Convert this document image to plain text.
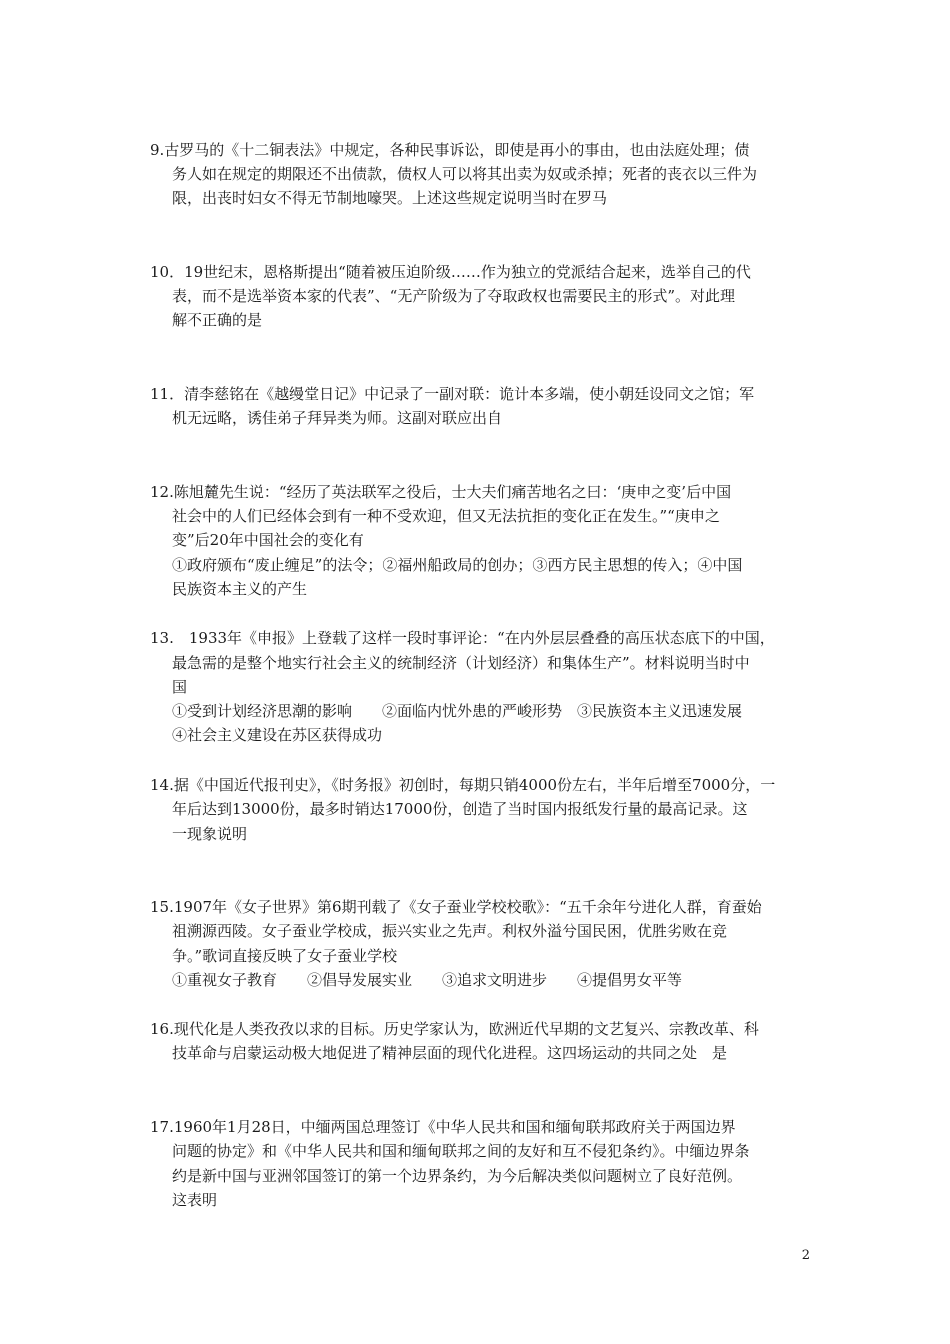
9.古罗马的《十二铜表法》中规定，各种民事诉讼，即使是再小的事由，也由法庭处理；债
务人如在规定的期限还不出债款，债权人可以将其出卖为奴或杀掉；死者的丧衣以三件为
限，出丧时妇女不得无节制地嚎哭。上述这些规定说明当时在罗马
10．19世纪末，恩格斯提出“随着被压迫阶级……作为独立的党派结合起来，选举自己的代
表，而不是选举资本家的代表”、“无产阶级为了夺取政权也需要民主的形式”。对此理
解不正确的是
11．清李慈铭在《越缦堂日记》中记录了一副对联：诡计本多端，使小朝廷设同文之馆；军
机无远略，诱佳弟子拜异类为师。这副对联应出自
12.陈旭麓先生说：“经历了英法联军之役后，士大夫们痛苦地名之曰：‘庚申之变’后中国
社会中的人们已经体会到有一种不受欢迎，但又无法抗拒的变化正在发生。”“庚申之
变”后20年中国社会的变化有
①政府颁布“废止缠足”的法令；②福州船政局的创办；③西方民主思想的传入；④中国
民族资本主义的产生
13.　1933年《申报》上登载了这样一段时事评论：“在内外层层叠叠的高压状态底下的中国，
最急需的是整个地实行社会主义的统制经济（计划经济）和集体生产”。材料说明当时中
国
①受到计划经济思潮的影响　　②面临内忧外患的严峻形势　③民族资本主义迅速发展
④社会主义建设在苏区获得成功
14.据《中国近代报刊史》，《时务报》初创时，每期只销4000份左右，半年后增至7000分，一
年后达到13000份，最多时销达17000份，创造了当时国内报纸发行量的最高记录。这
一现象说明
15.1907年《女子世界》第6期刊载了《女子蚕业学校校歌》：“五千余年兮进化人群，育蚕始
祖溯源西陵。女子蚕业学校成，振兴实业之先声。利权外溢兮国民困，优胜劣败在竞
争。”歌词直接反映了女子蚕业学校
①重视女子教育　　②倡导发展实业　　③追求文明进步　　④提倡男女平等
16.现代化是人类孜孜以求的目标。历史学家认为，欧洲近代早期的文艺复兴、宗教改革、科
技革命与启蒙运动极大地促进了精神层面的现代化进程。这四场运动的共同之处　是
17.1960年1月28日，中缅两国总理签订《中华人民共和国和缅甸联邦政府关于两国边界
问题的协定》和《中华人民共和国和缅甸联邦之间的友好和互不侵犯条约》。中缅边界条
约是新中国与亚洲邻国签订的第一个边界条约，为今后解决类似问题树立了良好范例。
这表明
2
